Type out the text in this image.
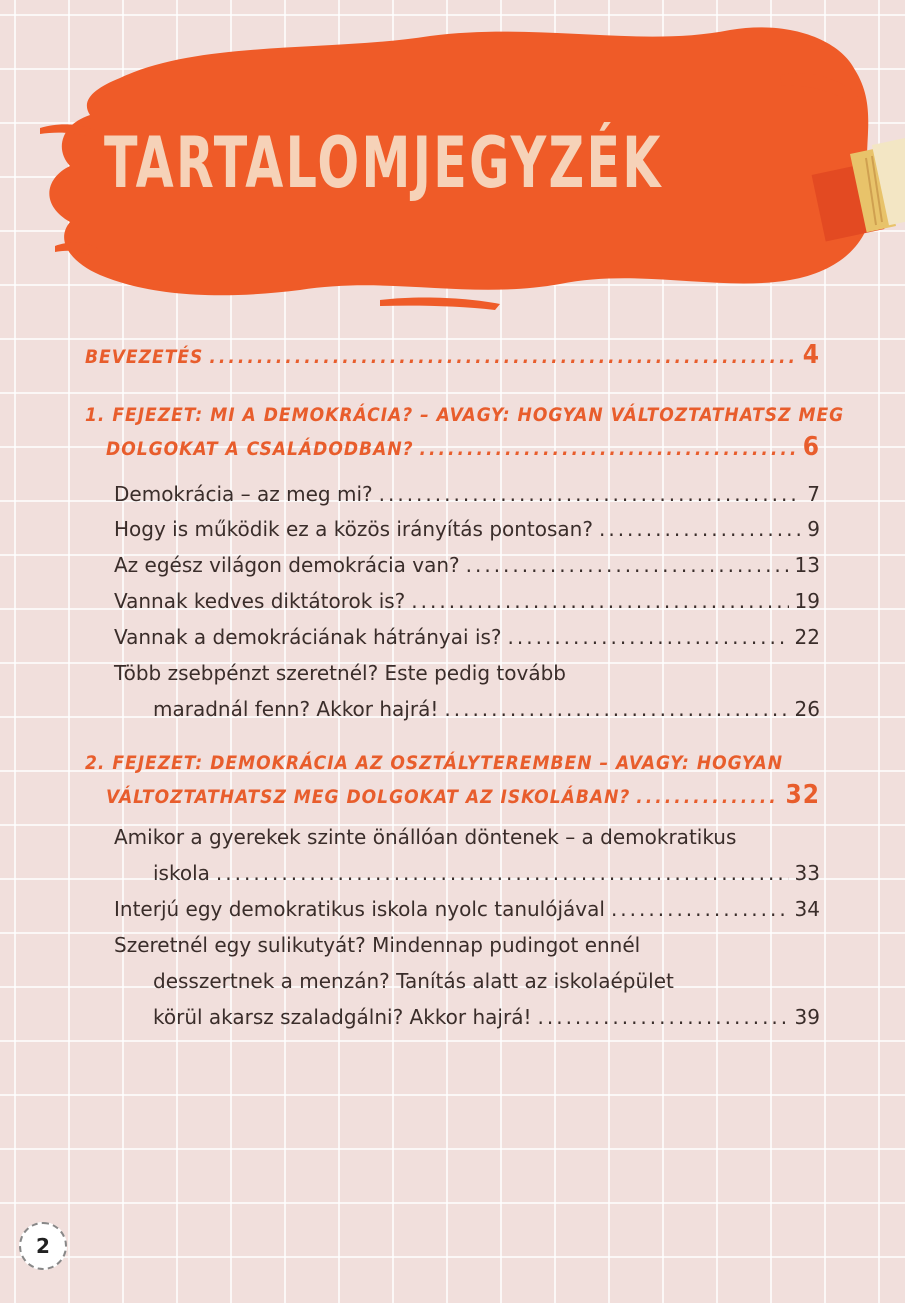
TARTALOMJEGYZÉK
BEVEZETÉS .....	4
1. FEJEZET: MI A DEMOKRÁCIA? – AVAGY: HOGYAN VÁLTOZTATHATSZ MEG
DOLGOKAT A CSALÁDODBAN? .....	6
Demokrácia – az meg mi? .....	7
Hogy is működik ez a közös irányítás pontosan? .....	9
Az egész világon demokrácia van? .....	13
Vannak kedves diktátorok is? .....	19
Vannak a demokráciának hátrányai is? .....	22
Több zsebpénzt szeretnél? Este pedig tovább
maradnál fenn? Akkor hajrá! .....	26
2. FEJEZET: DEMOKRÁCIA AZ OSZTÁLYTEREMBEN – AVAGY: HOGYAN
VÁLTOZTATHATSZ MEG DOLGOKAT AZ ISKOLÁBAN? .....	32
Amikor a gyerekek szinte önállóan döntenek – a demokratikus
iskola .....	33
Interjú egy demokratikus iskola nyolc tanulójával .....	34
Szeretnél egy sulikutyát? Mindennap pudingot ennél
desszertnek a menzán? Tanítás alatt az iskolaépület
körül akarsz szaladgálni? Akkor hajrá! .....	39
2
